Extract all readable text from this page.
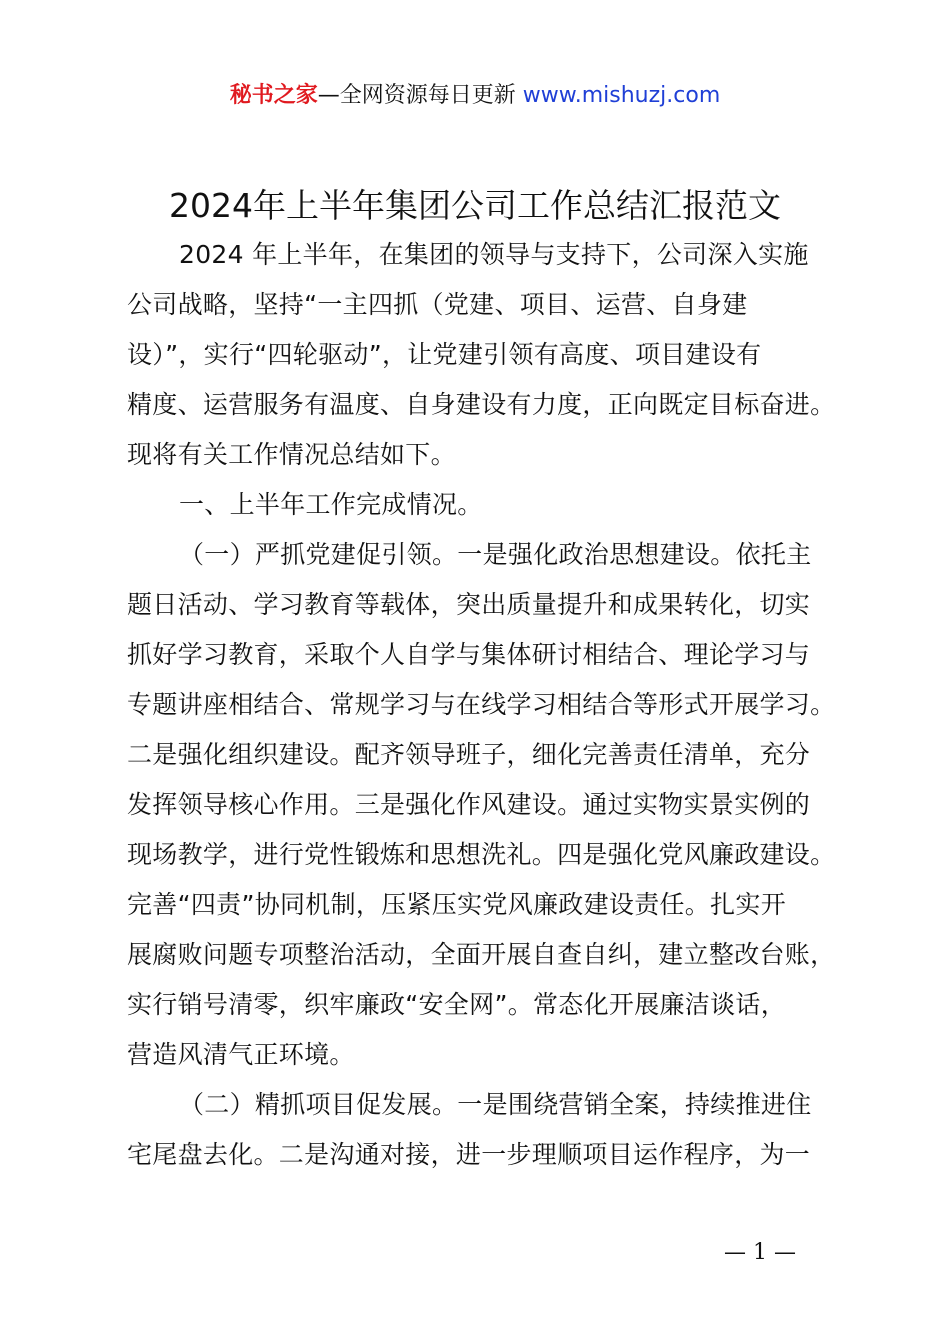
秘书之家—全网资源每日更新 www.mishuzj.com
2024年上半年集团公司工作总结汇报范文
2024 年上半年，在集团的领导与支持下，公司深入实施
公司战略，坚持“一主四抓（党建、项目、运营、自身建
设）”，实行“四轮驱动”，让党建引领有高度、项目建设有
精度、运营服务有温度、自身建设有力度，正向既定目标奋进。
现将有关工作情况总结如下。
一、上半年工作完成情况。
（一）严抓党建促引领。一是强化政治思想建设。依托主
题日活动、学习教育等载体，突出质量提升和成果转化，切实
抓好学习教育，采取个人自学与集体研讨相结合、理论学习与
专题讲座相结合、常规学习与在线学习相结合等形式开展学习。
二是强化组织建设。配齐领导班子，细化完善责任清单，充分
发挥领导核心作用。三是强化作风建设。通过实物实景实例的
现场教学，进行党性锻炼和思想洗礼。四是强化党风廉政建设。
完善“四责”协同机制，压紧压实党风廉政建设责任。扎实开
展腐败问题专项整治活动，全面开展自查自纠，建立整改台账，
实行销号清零，织牢廉政“安全网”。常态化开展廉洁谈话，
营造风清气正环境。
（二）精抓项目促发展。一是围绕营销全案，持续推进住
宅尾盘去化。二是沟通对接，进一步理顺项目运作程序，为一
— 1 —
